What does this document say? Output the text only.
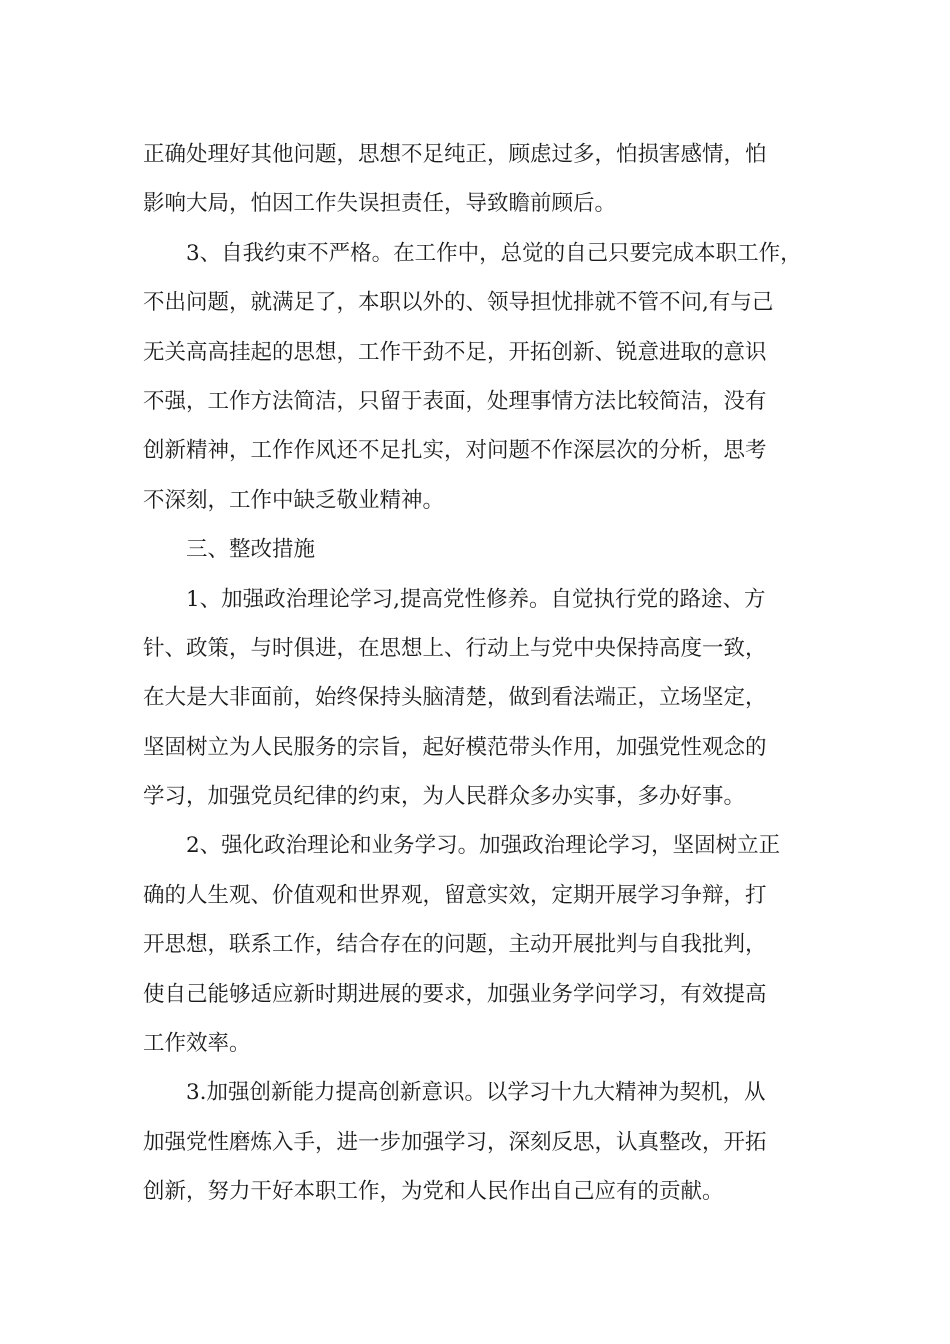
正确处理好其他问题，思想不足纯正，顾虑过多，怕损害感情，怕
影响大局，怕因工作失误担责任，导致瞻前顾后。

3、自我约束不严格。在工作中，总觉的自己只要完成本职工作，
不出问题，就满足了，本职以外的、领导担忧排就不管不问,有与己
无关高高挂起的思想，工作干劲不足，开拓创新、锐意进取的意识
不强，工作方法简洁，只留于表面，处理事情方法比较简洁，没有
创新精神，工作作风还不足扎实，对问题不作深层次的分析，思考
不深刻，工作中缺乏敬业精神。

三、整改措施

1、加强政治理论学习,提高党性修养。自觉执行党的路途、方
针、政策，与时俱进，在思想上、行动上与党中央保持高度一致，
在大是大非面前，始终保持头脑清楚，做到看法端正，立场坚定，
坚固树立为人民服务的宗旨，起好模范带头作用，加强党性观念的
学习，加强党员纪律的约束，为人民群众多办实事，多办好事。

2、强化政治理论和业务学习。加强政治理论学习，坚固树立正
确的人生观、价值观和世界观，留意实效，定期开展学习争辩，打
开思想，联系工作，结合存在的问题，主动开展批判与自我批判，
使自己能够适应新时期进展的要求，加强业务学问学习，有效提高
工作效率。

3.加强创新能力提高创新意识。以学习十九大精神为契机，从
加强党性磨炼入手，进一步加强学习，深刻反思，认真整改，开拓
创新，努力干好本职工作，为党和人民作出自己应有的贡献。
